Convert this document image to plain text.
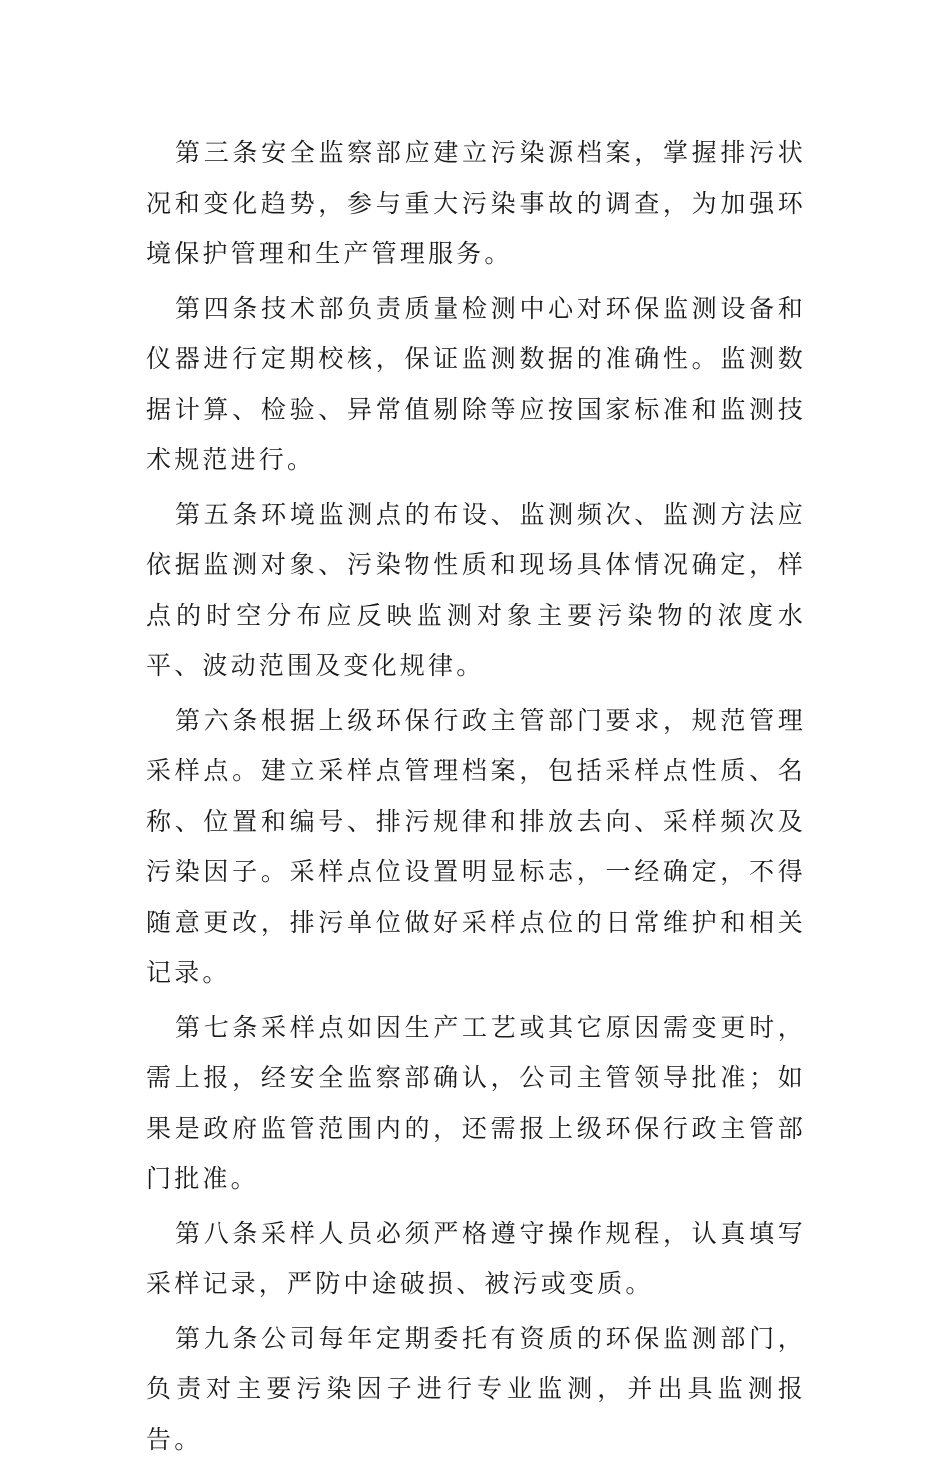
第三条安全监察部应建立污染源档案，掌握排污状况和变化趋势，参与重大污染事故的调查，为加强环境保护管理和生产管理服务。

第四条技术部负责质量检测中心对环保监测设备和仪器进行定期校核，保证监测数据的准确性。监测数据计算、检验、异常值剔除等应按国家标准和监测技术规范进行。

第五条环境监测点的布设、监测频次、监测方法应依据监测对象、污染物性质和现场具体情况确定，样点的时空分布应反映监测对象主要污染物的浓度水平、波动范围及变化规律。

第六条根据上级环保行政主管部门要求，规范管理采样点。建立采样点管理档案，包括采样点性质、名称、位置和编号、排污规律和排放去向、采样频次及污染因子。采样点位设置明显标志，一经确定，不得随意更改，排污单位做好采样点位的日常维护和相关记录。

第七条采样点如因生产工艺或其它原因需变更时，需上报，经安全监察部确认，公司主管领导批准；如果是政府监管范围内的，还需报上级环保行政主管部门批准。

第八条采样人员必须严格遵守操作规程，认真填写采样记录，严防中途破损、被污或变质。

第九条公司每年定期委托有资质的环保监测部门，负责对主要污染因子进行专业监测，并出具监测报告。
